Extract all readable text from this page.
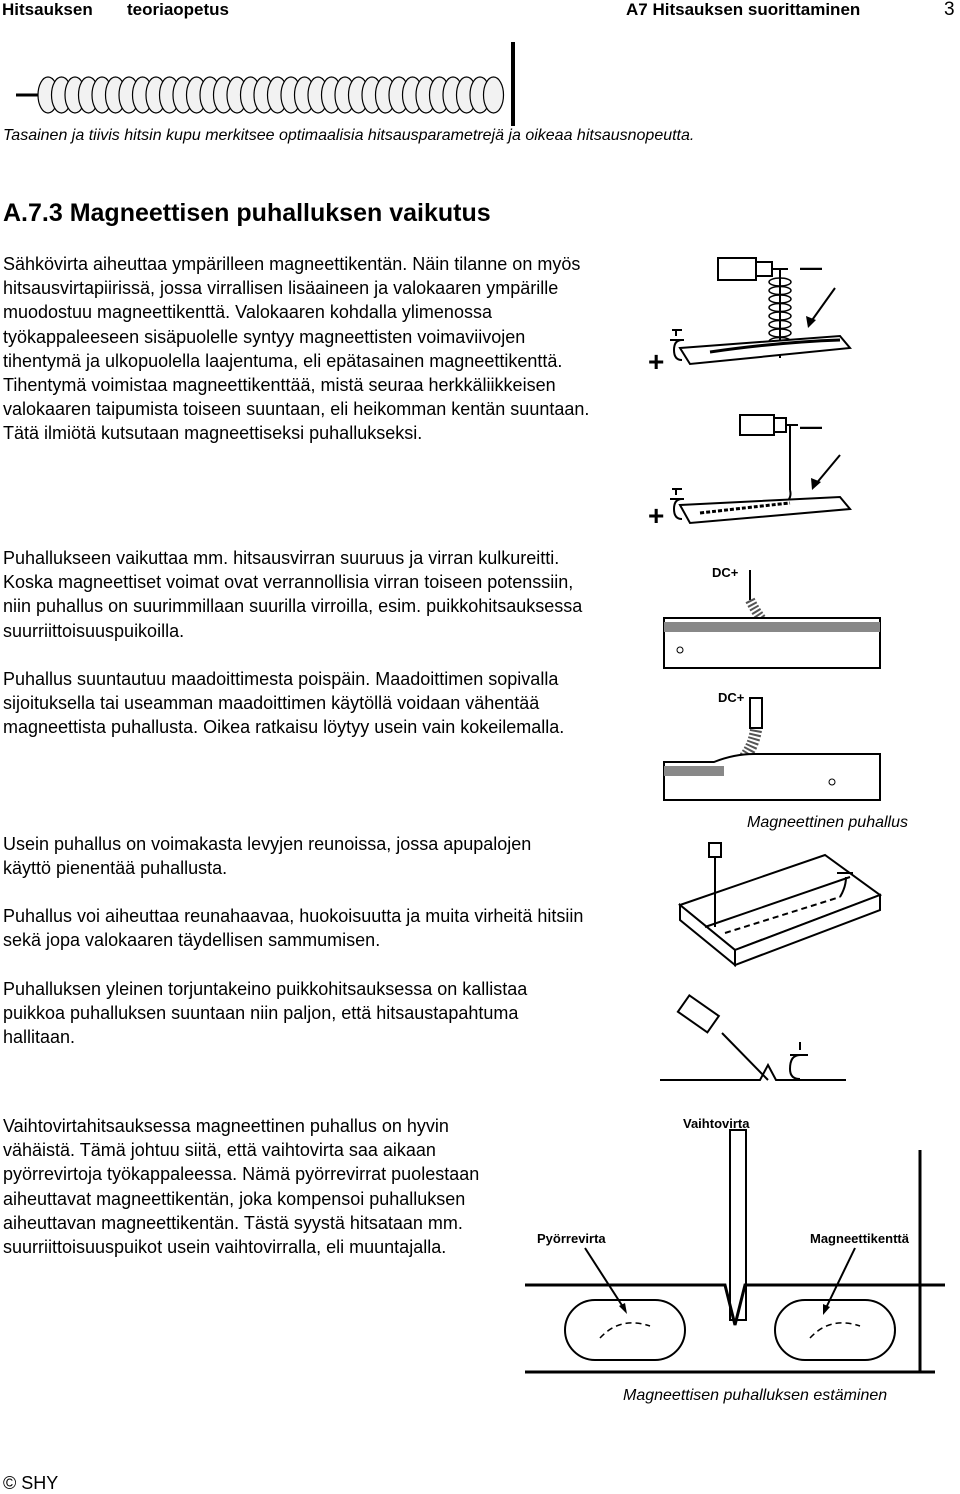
Hitsauksen teoriaopetus	A7 Hitsauksen suorittaminen	3
Tasainen ja tiivis hitsin kupu merkitsee optimaalisia hitsausparametrejä ja oikeaa hitsausnopeutta.
A.7.3 Magneettisen puhalluksen vaikutus
Sähkövirta aiheuttaa ympärilleen magneettikentän. Näin tilanne on myös hitsausvirtapiirissä, jossa virrallisen lisäaineen ja valokaaren ympärille muodostuu magneettikenttä. Valokaaren kohdalla ylimenossa työkappaleeseen sisäpuolelle syntyy magneettisten voimaviivojen tihentymä ja ulkopuolella laajentuma, eli epätasainen magneettikenttä. Tihentymä voimistaa magneettikenttää, mistä seuraa herkkäliikkeisen valokaaren taipumista toiseen suuntaan, eli heikomman kentän suuntaan. Tätä ilmiötä kutsutaan magneettiseksi puhallukseksi.
Puhallukseen vaikuttaa mm. hitsausvirran suuruus ja virran kulkureitti. Koska magneettiset voimat ovat verrannollisia virran toiseen potenssiin, niin puhallus on suurimmillaan suurilla virroilla, esim. puikkohitsauksessa suurriittoisuuspuikoilla.
Puhallus suuntautuu maadoittimesta poispäin. Maadoittimen sopivalla sijoituksella tai useamman maadoittimen käytöllä voidaan vähentää magneettista puhallusta. Oikea ratkaisu löytyy usein vain kokeilemalla.
Usein puhallus on voimakasta levyjen reunoissa, jossa apupalojen käyttö pienentää puhallusta.
Puhallus voi aiheuttaa reunahaavaa, huokoisuutta ja muita virheitä hitsiin sekä jopa valokaaren täydellisen sammumisen.
Puhalluksen yleinen torjuntakeino puikkohitsauksessa on kallistaa puikkoa puhalluksen suuntaan niin paljon, että hitsaustapahtuma hallitaan.
Vaihtovirtahitsauksessa magneettinen puhallus on hyvin vähäistä. Tämä johtuu siitä, että vaihtovirta saa aikaan pyörrevirtoja työkappaleessa. Nämä pyörrevirrat puolestaan aiheuttavat magneettikentän, joka kompensoi puhalluksen aiheuttavan magneettikentän. Tästä syystä hitsataan mm. suurriittoisuuspuikot usein vaihtovirralla, eli muuntajalla.
+
—
+
—
DC+
DC+
Magneettinen puhallus
Vaihtovirta
Pyörrevirta	Magneettikenttä
Magneettisen puhalluksen estäminen
© SHY
